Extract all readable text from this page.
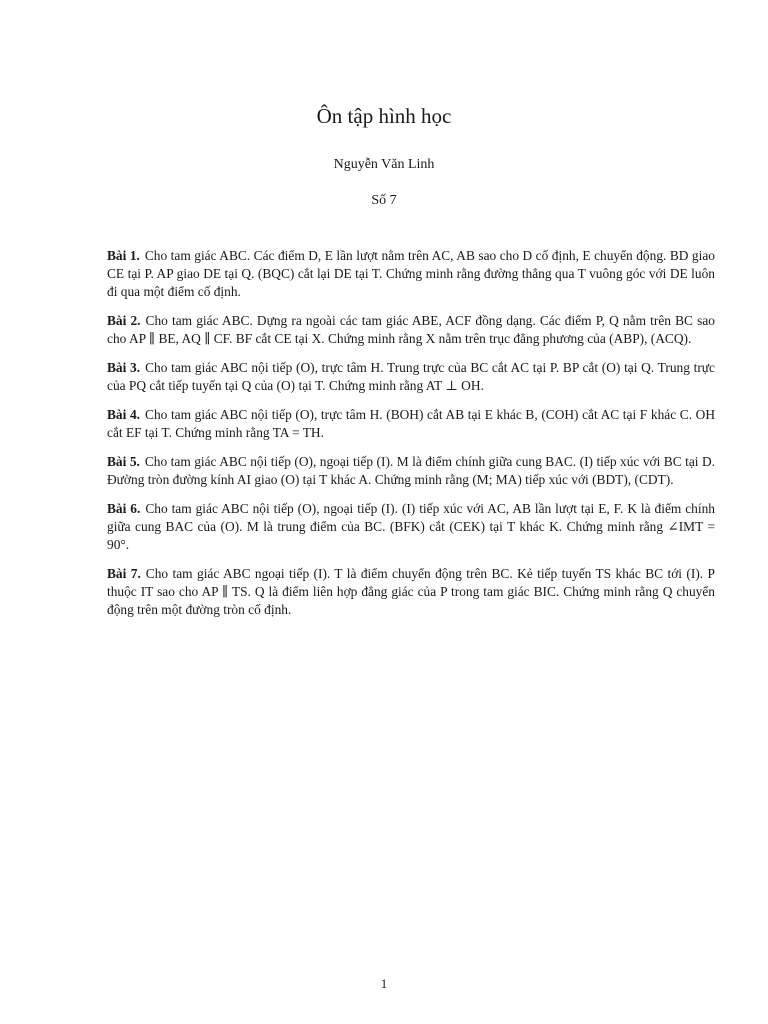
Ôn tập hình học
Nguyễn Văn Linh
Số 7

Bài 1. Cho tam giác ABC. Các điểm D, E lần lượt nằm trên AC, AB sao cho D cố định, E chuyển động. BD giao CE tại P. AP giao DE tại Q. (BQC) cắt lại DE tại T. Chứng minh rằng đường thẳng qua T vuông góc với DE luôn đi qua một điểm cố định.

Bài 2. Cho tam giác ABC. Dựng ra ngoài các tam giác ABE, ACF đồng dạng. Các điểm P, Q nằm trên BC sao cho AP ∥ BE, AQ ∥ CF. BF cắt CE tại X. Chứng minh rằng X nằm trên trục đẳng phương của (ABP), (ACQ).

Bài 3. Cho tam giác ABC nội tiếp (O), trực tâm H. Trung trực của BC cắt AC tại P. BP cắt (O) tại Q. Trung trực của PQ cắt tiếp tuyến tại Q của (O) tại T. Chứng minh rằng AT ⊥ OH.

Bài 4. Cho tam giác ABC nội tiếp (O), trực tâm H. (BOH) cắt AB tại E khác B, (COH) cắt AC tại F khác C. OH cắt EF tại T. Chứng minh rằng TA = TH.

Bài 5. Cho tam giác ABC nội tiếp (O), ngoại tiếp (I). M là điểm chính giữa cung BAC. (I) tiếp xúc với BC tại D. Đường tròn đường kính AI giao (O) tại T khác A. Chứng minh rằng (M; MA) tiếp xúc với (BDT), (CDT).

Bài 6. Cho tam giác ABC nội tiếp (O), ngoại tiếp (I). (I) tiếp xúc với AC, AB lần lượt tại E, F. K là điểm chính giữa cung BAC của (O). M là trung điểm của BC. (BFK) cắt (CEK) tại T khác K. Chứng minh rằng ∠IMT = 90°.

Bài 7. Cho tam giác ABC ngoại tiếp (I). T là điểm chuyển động trên BC. Kẻ tiếp tuyến TS khác BC tới (I). P thuộc IT sao cho AP ∥ TS. Q là điểm liên hợp đẳng giác của P trong tam giác BIC. Chứng minh rằng Q chuyển động trên một đường tròn cố định.

1
